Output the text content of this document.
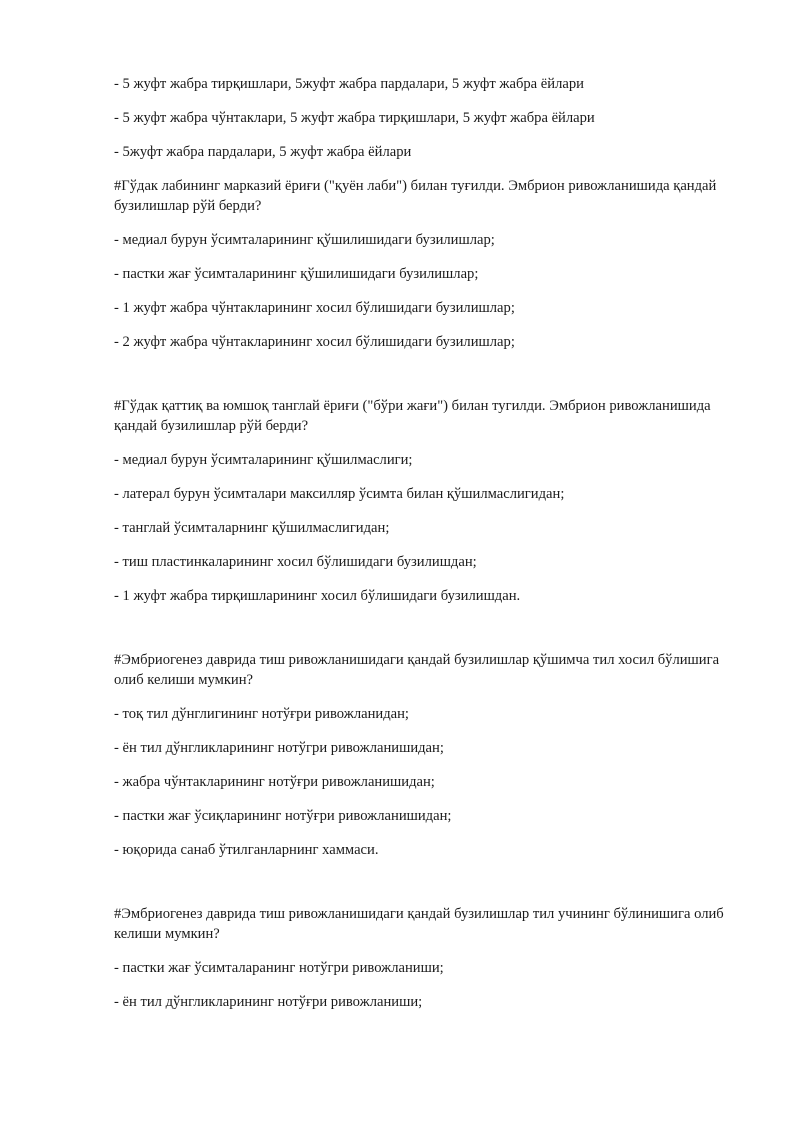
- 5 жуфт жабра тирқишлари, 5жуфт жабра пардалари, 5 жуфт жабра ёйлари

- 5 жуфт жабра чўнтаклари, 5 жуфт жабра тирқишлари, 5 жуфт жабра ёйлари

- 5жуфт жабра пардалари, 5 жуфт жабра ёйлари

#Гўдак лабининг марказий ёриғи ("қуён лаби") билан туғилди. Эмбрион ривожланишида қандай бузилишлар рўй берди?

- медиал бурун ўсимталарининг қўшилишидаги бузилишлар;

- пастки жағ ўсимталарининг қўшилишидаги бузилишлар;

- 1 жуфт жабра чўнтакларининг хосил бўлишидаги бузилишлар;

- 2 жуфт жабра чўнтакларининг хосил бўлишидаги бузилишлар;

#Гўдак қаттиқ ва юмшоқ танглай ёриғи ("бўри жағи") билан тугилди. Эмбрион ривожланишида қандай бузилишлар рўй берди?

- медиал бурун ўсимталарининг қўшилмаслиги;

- латерал бурун ўсимталари максилляр ўсимта билан қўшилмаслигидан;

- танглай ўсимталарнинг қўшилмаслигидан;

- тиш пластинкаларининг хосил бўлишидаги бузилишдан;

- 1 жуфт жабра тирқишларининг хосил бўлишидаги бузилишдан.

#Эмбриогенез даврида тиш ривожланишидаги қандай бузилишлар қўшимча тил хосил бўлишига олиб келиши мумкин?

- тоқ тил дўнглигининг нотўғри ривожланидан;

- ён тил дўнгликларининг нотўгри ривожланишидан;

- жабра чўнтакларининг нотўғри ривожланишидан;

- пастки жағ ўсиқларининг нотўғри ривожланишидан;

- юқорида санаб ўтилганларнинг хаммаси.

#Эмбриогенез даврида тиш ривожланишидаги қандай бузилишлар тил учининг бўлинишига олиб келиши мумкин?

- пастки жағ ўсимталаранинг нотўгри ривожланиши;

- ён тил дўнгликларининг нотўғри ривожланиши;
